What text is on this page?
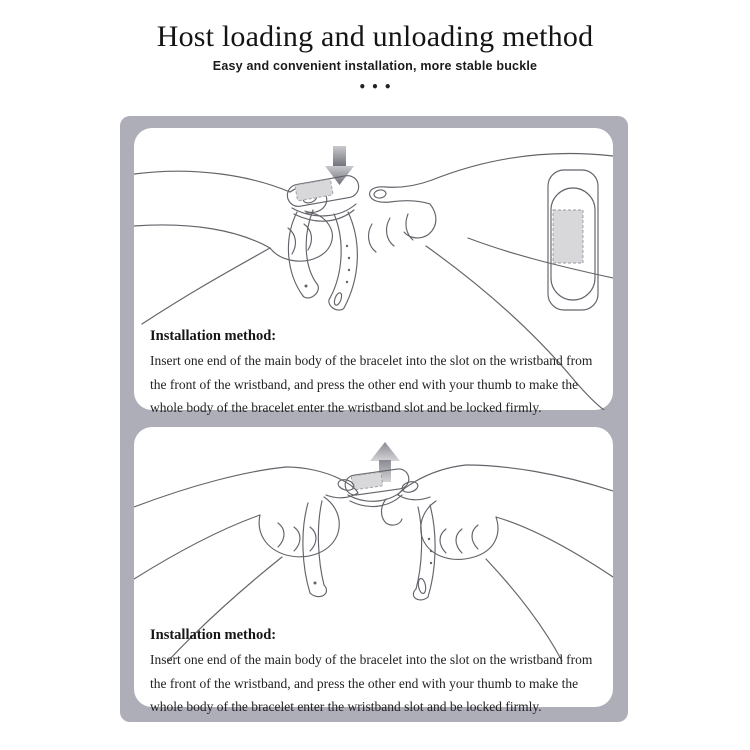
Host loading and unloading method
Easy and convenient installation, more stable buckle
•••
Installation method:

Insert one end of the main body of the bracelet into the slot on the wristband from the front of the wristband, and press the other end with your thumb to make the whole body of the bracelet enter the wristband slot and be locked firmly.

Installation method:

Insert one end of the main body of the bracelet into the slot on the wristband from the front of the wristband, and press the other end with your thumb to make the whole body of the bracelet enter the wristband slot and be locked firmly.
